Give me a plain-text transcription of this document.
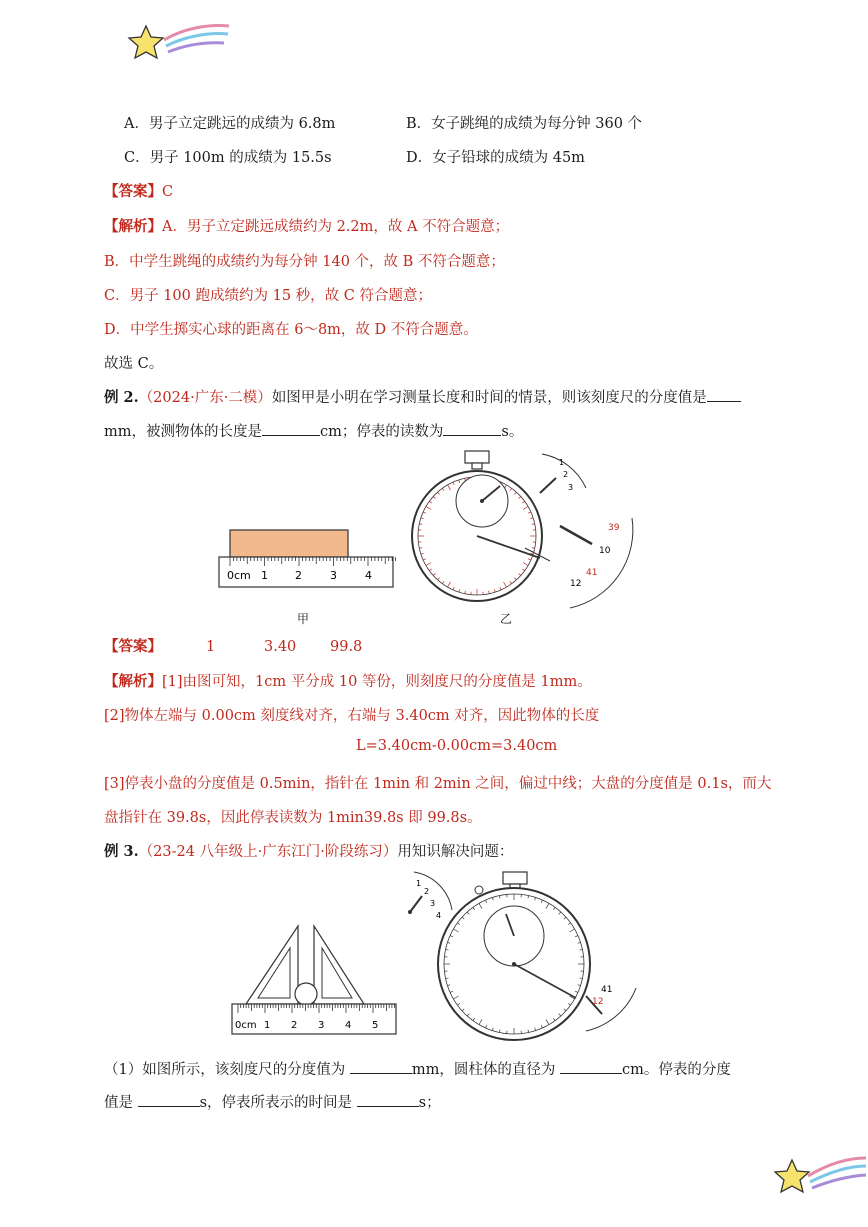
A．男子立定跳远的成绩为 6.8m	B．女子跳绳的成绩为每分钟 360 个
C．男子 100m 的成绩为 15.5s	D．女子铅球的成绩为 45m
【答案】C
【解析】A．男子立定跳远成绩约为 2.2m，故 A 不符合题意；
B．中学生跳绳的成绩约为每分钟 140 个，故 B 不符合题意；
C．男子 100 跑成绩约为 15 秒，故 C 符合题意；
D．中学生掷实心球的距离在 6～8m，故 D 不符合题意。
故选 C。
例 2.（2024·广东·二模）如图甲是小明在学习测量长度和时间的情景，则该刻度尺的分度值是
mm，被测物体的长度是	cm；停表的读数为	s。
0cm 1 2	3	4
甲
1
2
3
39
10
41
12
乙
【答案】	1	3.40 99.8
【解析】[1]由图可知，1cm 平分成 10 等份，则刻度尺的分度值是 1mm。
[2]物体左端与 0.00cm 刻度线对齐，右端与 3.40cm 对齐，因此物体的长度
L=3.40cm-0.00cm=3.40cm
[3]停表小盘的分度值是 0.5min，指针在 1min 和 2min 之间，偏过中线；大盘的分度值是 0.1s，而大
盘指针在 39.8s，因此停表读数为 1min39.8s 即 99.8s。
例 3.（23-24 八年级上·广东江门·阶段练习）用知识解决问题：
0cm 1 2 3 4 5
1
2
3
4
41
12
（1）如图所示，该刻度尺的分度值为	mm，圆柱体的直径为	cm。停表的分度
值是	s，停表所表示的时间是	s；
